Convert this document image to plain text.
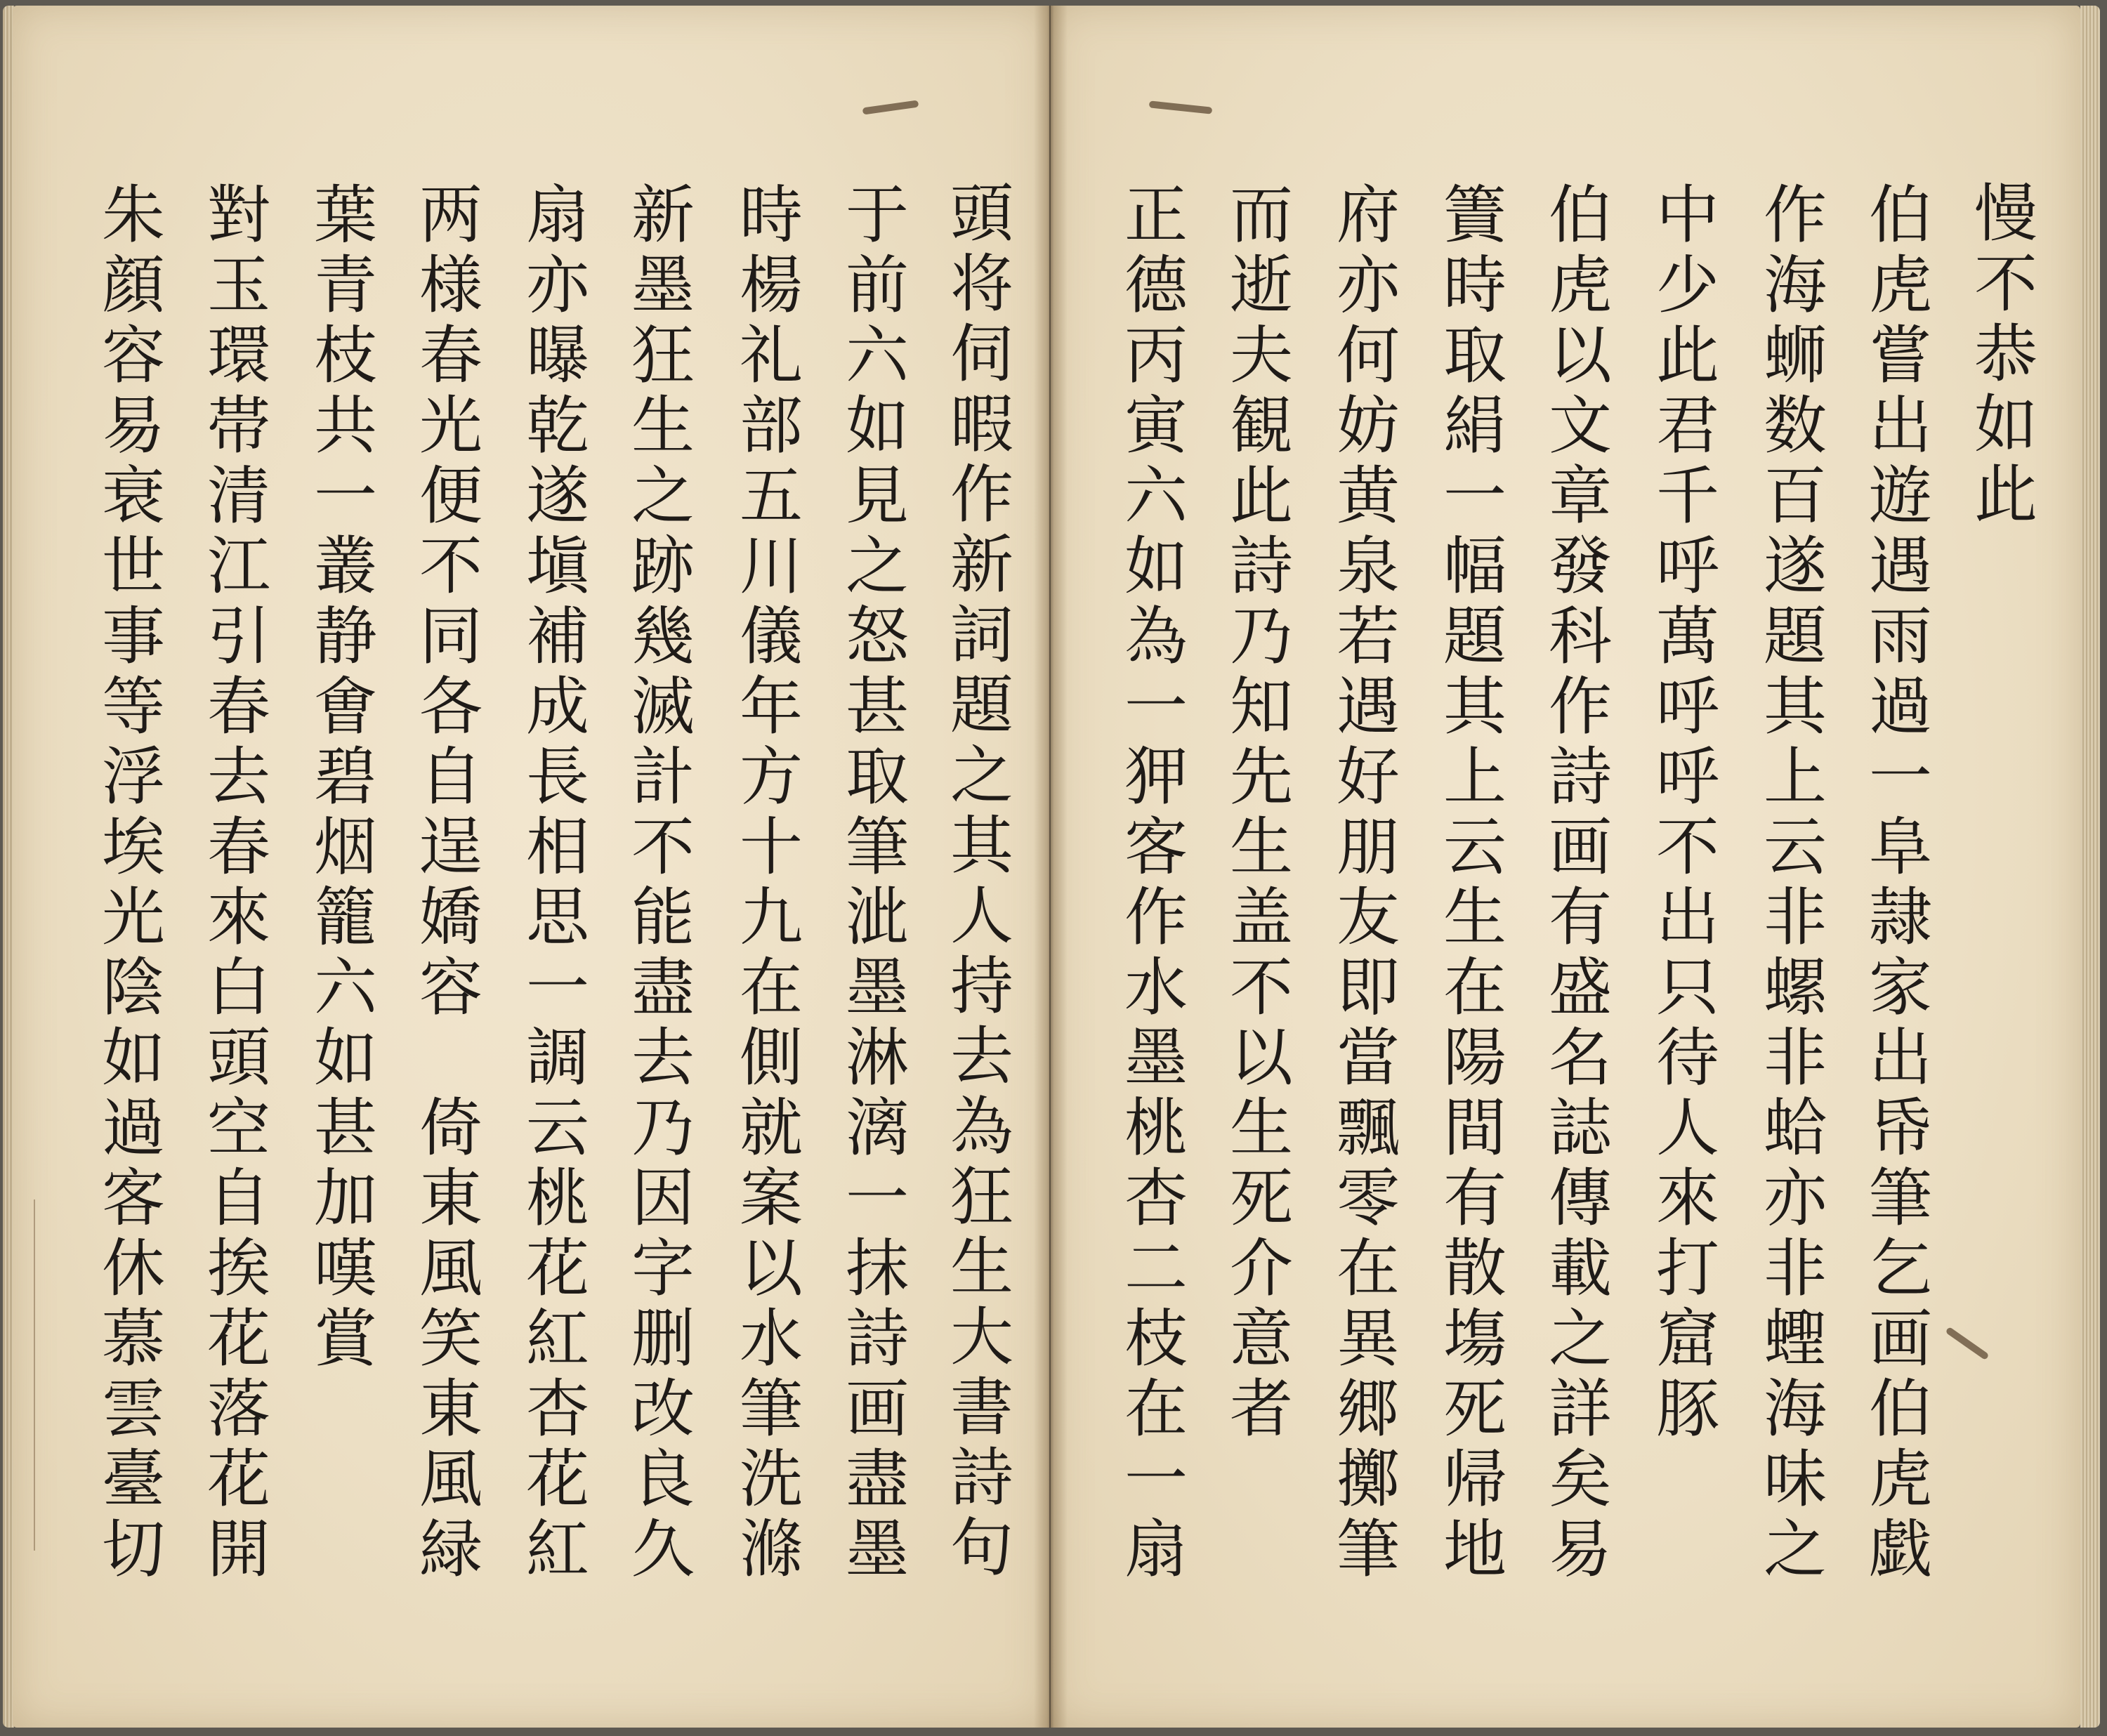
頭将伺暇作新詞題之其人持去為狂生大書詩句
于前六如見之怒甚取筆泚墨淋漓一抹詩画盡墨
時楊礼部五川儀年方十九在側就案以水筆洗滌
新墨狂生之跡幾滅計不能盡去乃因字删改良久
扇亦曝乾遂塡補成長相思一調云桃花紅杏花紅
两様春光便不同各自逞嬌容　倚東風笑東風緑
葉青枝共一叢静㑹碧烟籠六如甚加嘆賞
對玉環帯清江引春去春來白頭空自挨花落花開
朱顔容易衰世事等浮埃光陰如過客休慕雲臺切	慢不恭如此
伯虎嘗出遊遇雨過一阜隷家出帋筆乞画伯虎戯
作海蛳数百遂題其上云非螺非蛤亦非蟶海味之
中少此君千呼萬呼呼不出只待人來打窟豚
伯虎以文章發科作詩画有盛名誌傳載之詳矣易
簀時取絹一幅題其上云生在陽間有散塲死帰地
府亦何妨黄泉若遇好朋友即當飄零在異郷擲筆
而逝夫観此詩乃知先生盖不以生死介意者
正德丙寅六如為一狎客作水墨桃杏二枝在一扇
